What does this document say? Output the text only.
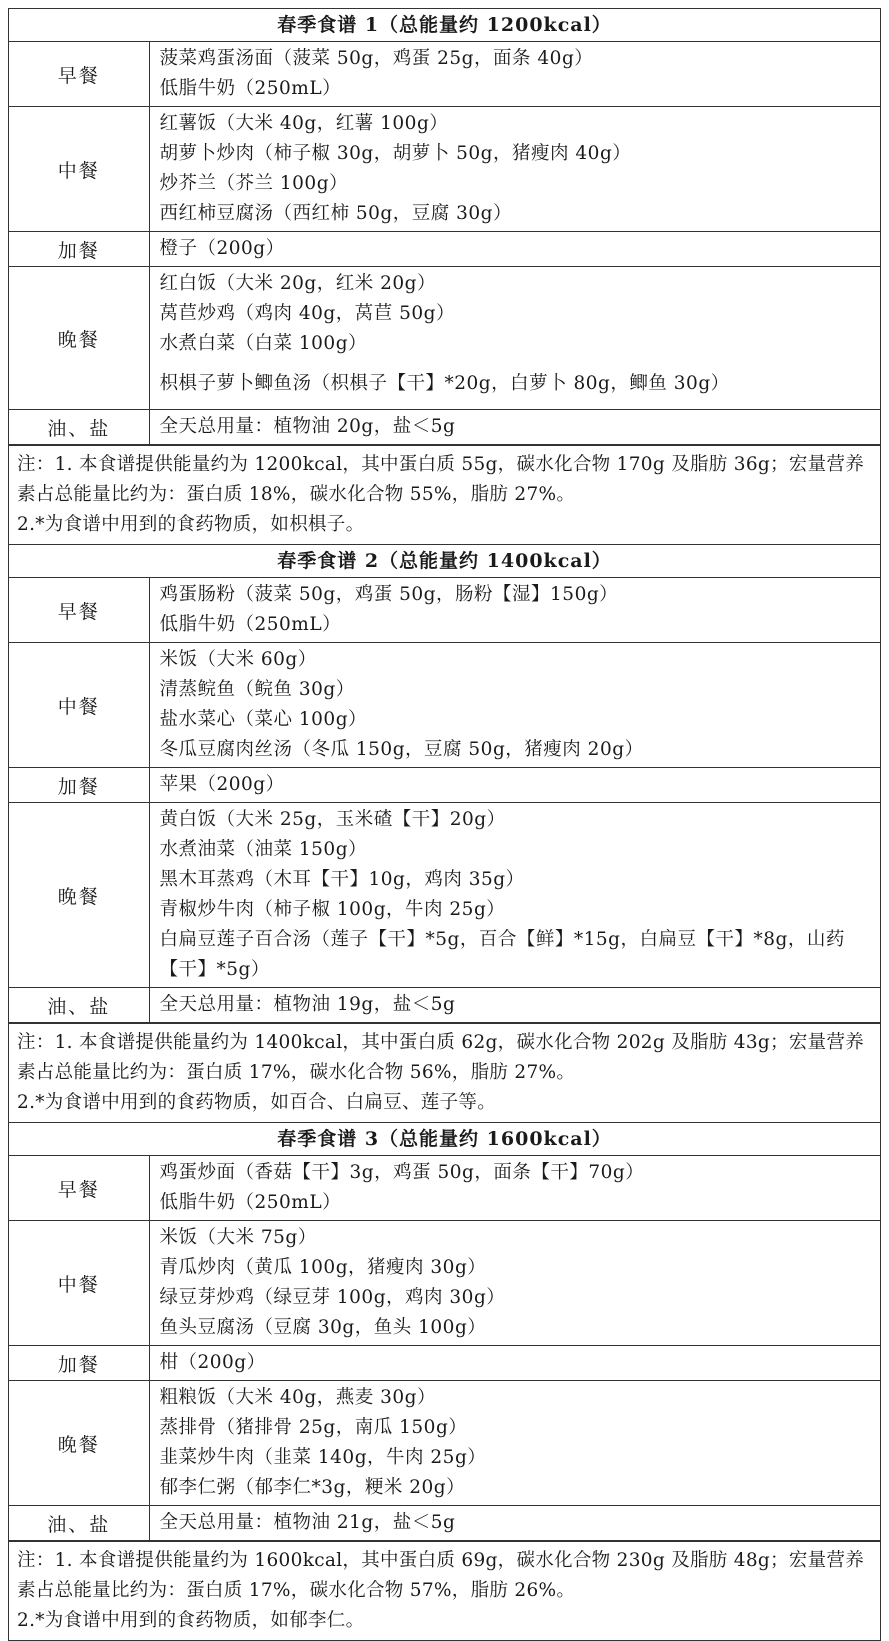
春季食谱 1（总能量约 1200kcal）	
早餐	菠菜鸡蛋汤面（菠菜 50g，鸡蛋 25g，面条 40g）
低脂牛奶（250mL）

中餐	红薯饭（大米 40g，红薯 100g）
胡萝卜炒肉（柿子椒 30g，胡萝卜 50g，猪瘦肉 40g）
炒芥兰（芥兰 100g）
西红柿豆腐汤（西红柿 50g，豆腐 30g）

加餐	橙子（200g）

晚餐	红白饭（大米 20g，红米 20g）
莴苣炒鸡（鸡肉 40g，莴苣 50g）
水煮白菜（白菜 100g）
枳椇子萝卜鲫鱼汤（枳椇子【干】*20g，白萝卜 80g，鲫鱼 30g）

油、盐	全天总用量：植物油 20g，盐＜5g
注：1. 本食谱提供能量约为 1200kcal，其中蛋白质 55g，碳水化合物 170g 及脂肪 36g；宏量营养素占总能量比约为：蛋白质 18%，碳水化合物 55%，脂肪 27%。
2.*为食谱中用到的食药物质，如枳椇子。
春季食谱 2（总能量约 1400kcal）	
早餐	鸡蛋肠粉（菠菜 50g，鸡蛋 50g，肠粉【湿】150g）
低脂牛奶（250mL）

中餐	米饭（大米 60g）
清蒸鲩鱼（鲩鱼 30g）
盐水菜心（菜心 100g）
冬瓜豆腐肉丝汤（冬瓜 150g，豆腐 50g，猪瘦肉 20g）

加餐	苹果（200g）

晚餐	黄白饭（大米 25g，玉米碴【干】20g）
水煮油菜（油菜 150g）
黑木耳蒸鸡（木耳【干】10g，鸡肉 35g）
青椒炒牛肉（柿子椒 100g，牛肉 25g）
白扁豆莲子百合汤（莲子【干】*5g，百合【鲜】*15g，白扁豆【干】*8g，山药【干】*5g）

油、盐	全天总用量：植物油 19g，盐＜5g
注：1. 本食谱提供能量约为 1400kcal，其中蛋白质 62g，碳水化合物 202g 及脂肪 43g；宏量营养素占总能量比约为：蛋白质 17%，碳水化合物 56%，脂肪 27%。
2.*为食谱中用到的食药物质，如百合、白扁豆、莲子等。
春季食谱 3（总能量约 1600kcal）	
早餐	鸡蛋炒面（香菇【干】3g，鸡蛋 50g，面条【干】70g）
低脂牛奶（250mL）

中餐	米饭（大米 75g）
青瓜炒肉（黄瓜 100g，猪瘦肉 30g）
绿豆芽炒鸡（绿豆芽 100g，鸡肉 30g）
鱼头豆腐汤（豆腐 30g，鱼头 100g）

加餐	柑（200g）

晚餐	粗粮饭（大米 40g，燕麦 30g）
蒸排骨（猪排骨 25g，南瓜 150g）
韭菜炒牛肉（韭菜 140g，牛肉 25g）
郁李仁粥（郁李仁*3g，粳米 20g）

油、盐	全天总用量：植物油 21g，盐＜5g
注：1. 本食谱提供能量约为 1600kcal，其中蛋白质 69g，碳水化合物 230g 及脂肪 48g；宏量营养素占总能量比约为：蛋白质 17%，碳水化合物 57%，脂肪 26%。
2.*为食谱中用到的食药物质，如郁李仁。
